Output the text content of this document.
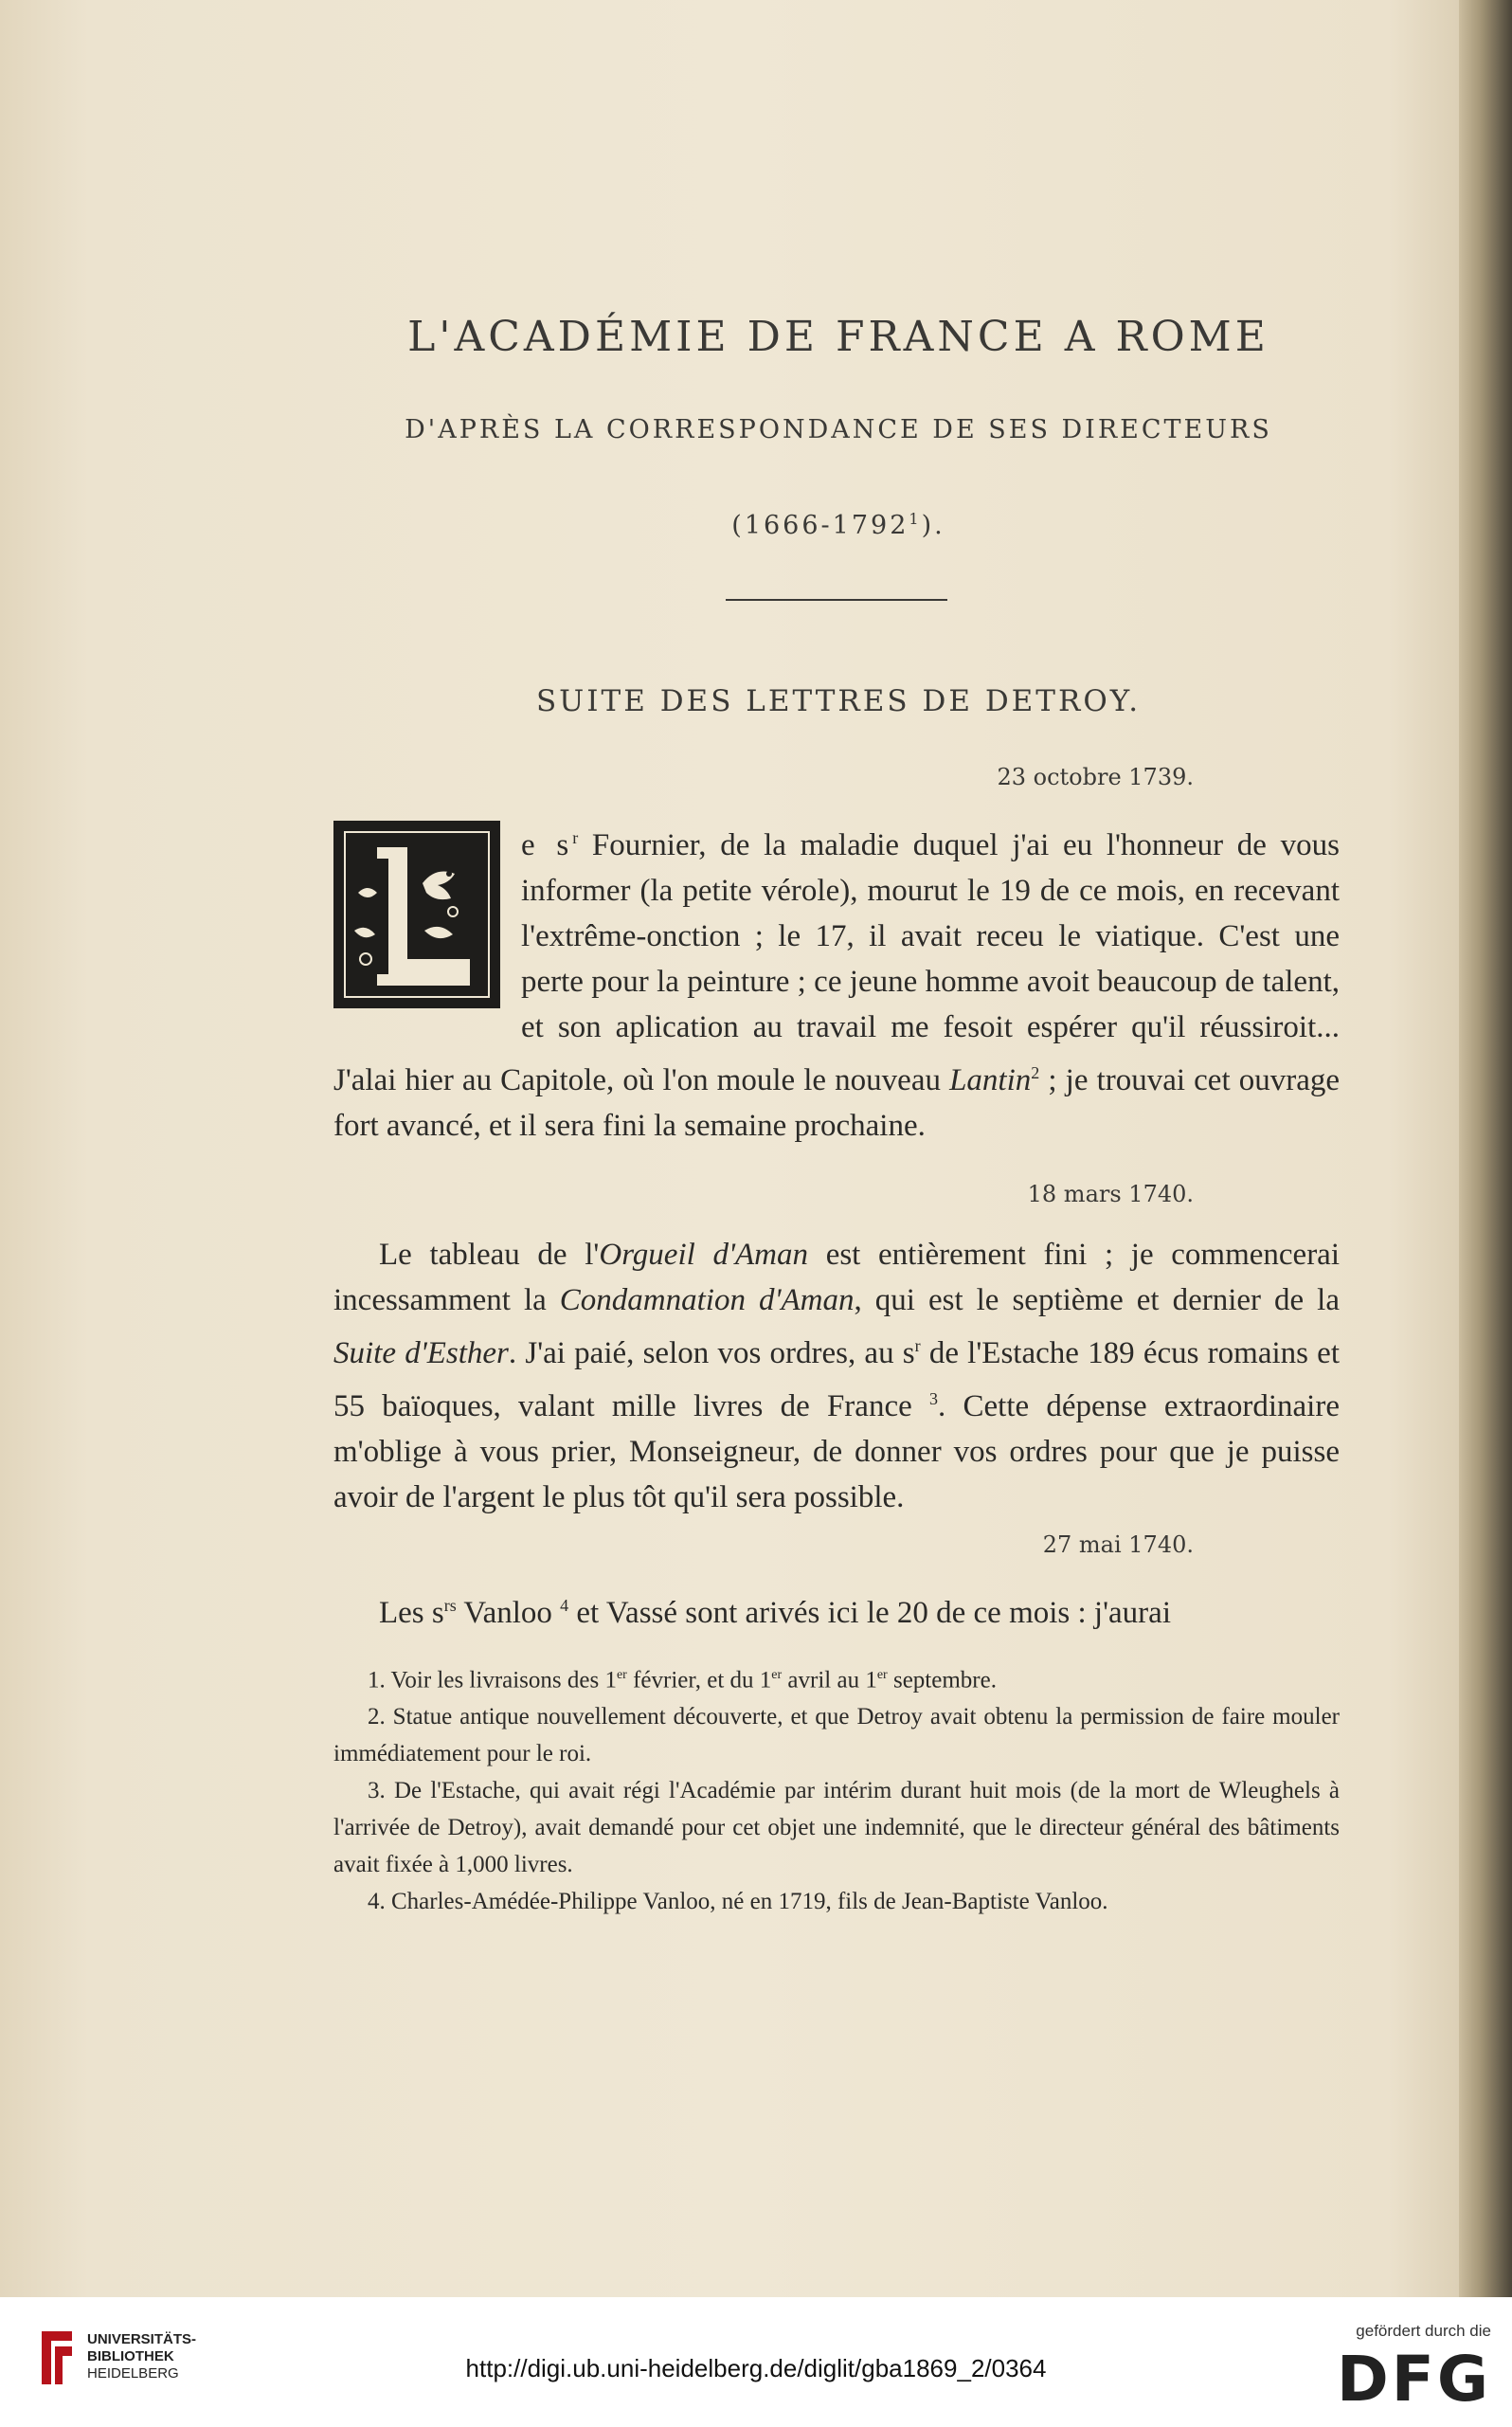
L'ACADÉMIE DE FRANCE A ROME
D'APRÈS LA CORRESPONDANCE DE SES DIRECTEURS
(1666-1792$^1$).
SUITE DES LETTRES DE DETROY.
23 octobre 1739.

e $s^r$ Fournier, de la maladie duquel j'ai eu l'honneur de vous informer (la petite vérole), mourut le 19 de ce mois, en recevant l'extrême-onction ; le 17, il avait receu le viatique. C'est une perte pour la peinture ; ce jeune homme avoit beaucoup de talent, et son aplication au travail me fesoit espérer qu'il réussiroit... J'alai hier au Capitole, où l'on moule le nouveau Lantin$^2$ ; je trouvai cet ouvrage fort avancé, et il sera fini la semaine prochaine.

18 mars 1740.

Le tableau de l'Orgueil d'Aman est entièrement fini ; je commencerai incessamment la Condamnation d'Aman, qui est le septième et dernier de la Suite d'Esther. J'ai paié, selon vos ordres, au $s^r$ de l'Estache 189 écus romains et 55 baïoques, valant mille livres de France $^3$. Cette dépense extraordinaire m'oblige à vous prier, Monseigneur, de donner vos ordres pour que je puisse avoir de l'argent le plus tôt qu'il sera possible.

27 mai 1740.

Les $s^{rs}$ Vanloo $^4$ et Vassé sont arivés ici le 20 de ce mois : j'aurai

1. Voir les livraisons des 1er février, et du 1er avril au 1er septembre.

2. Statue antique nouvellement découverte, et que Detroy avait obtenu la permission de faire mouler immédiatement pour le roi.

3. De l'Estache, qui avait régi l'Académie par intérim durant huit mois (de la mort de Wleughels à l'arrivée de Detroy), avait demandé pour cet objet une indemnité, que le directeur général des bâtiments avait fixée à 1,000 livres.

4. Charles-Amédée-Philippe Vanloo, né en 1719, fils de Jean-Baptiste Vanloo.

UNIVERSITÄTS-
BIBLIOTHEK
HEIDELBERG	http://digi.ub.uni-heidelberg.de/diglit/gba1869_2/0364
gefördert durch die
DFG
